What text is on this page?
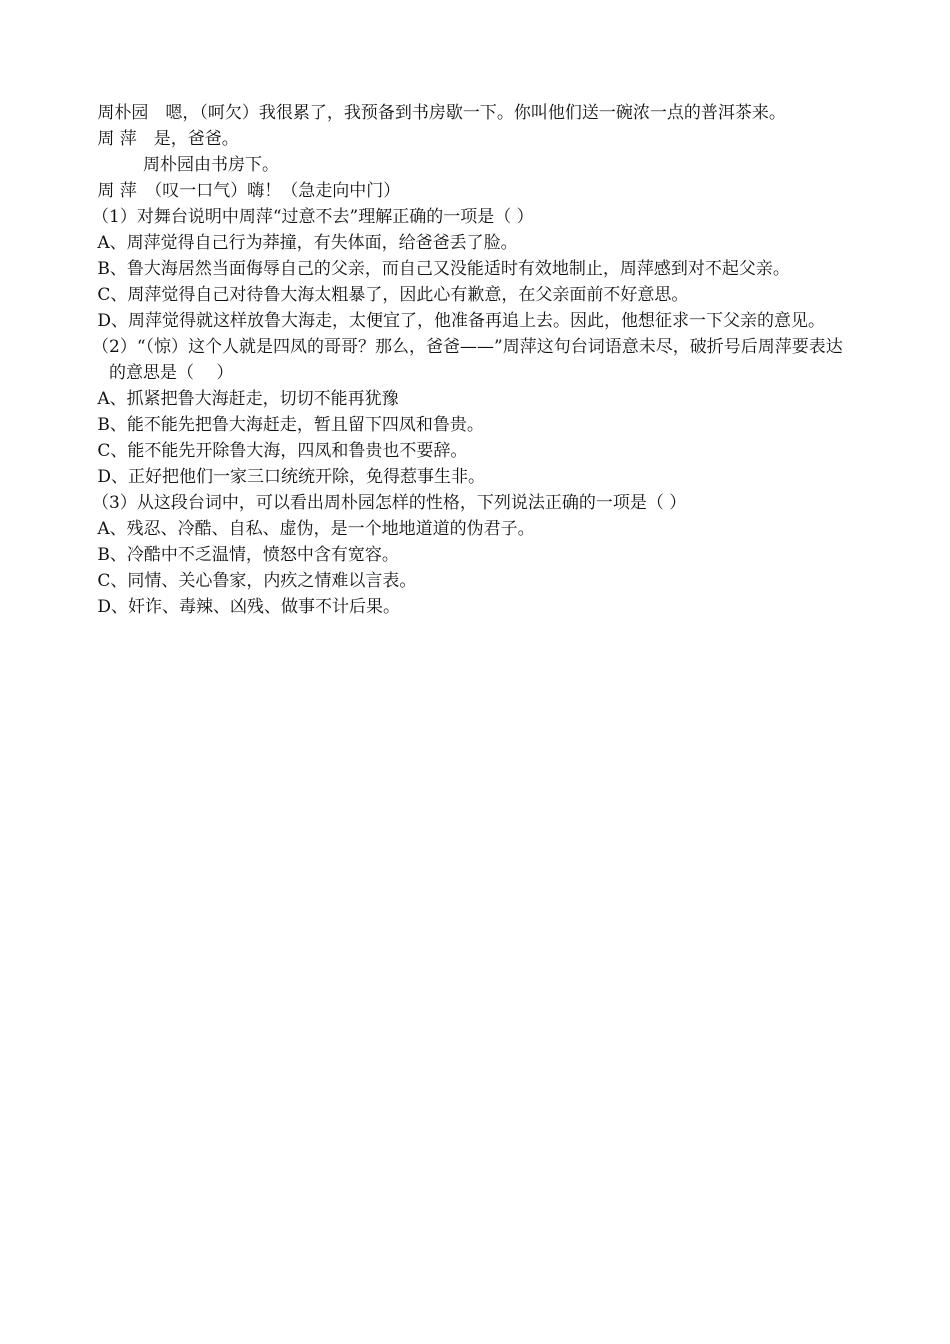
周朴园　嗯，（呵欠）我很累了，我预备到书房歇一下。你叫他们送一碗浓一点的普洱茶来。

周 萍　是，爸爸。

　　　周朴园由书房下。

周 萍　（叹一口气）嗨！（急走向中门）

（1）对舞台说明中周萍“过意不去”理解正确的一项是（ ）

A、周萍觉得自己行为莽撞，有失体面，给爸爸丢了脸。

B、鲁大海居然当面侮辱自己的父亲，而自己又没能适时有效地制止，周萍感到对不起父亲。

C、周萍觉得自己对待鲁大海太粗暴了，因此心有歉意，在父亲面前不好意思。

D、周萍觉得就这样放鲁大海走，太便宜了，他准备再追上去。因此，他想征求一下父亲的意见。

（2）“（惊）这个人就是四凤的哥哥？那么，爸爸——”周萍这句台词语意未尽，破折号后周萍要表达

　的意思是（　 ）

A、抓紧把鲁大海赶走，切切不能再犹豫

B、能不能先把鲁大海赶走，暂且留下四凤和鲁贵。

C、能不能先开除鲁大海，四凤和鲁贵也不要辞。

D、正好把他们一家三口统统开除，免得惹事生非。

（3）从这段台词中，可以看出周朴园怎样的性格，下列说法正确的一项是（ ）

A、残忍、冷酷、自私、虚伪，是一个地地道道的伪君子。

B、冷酷中不乏温情，愤怒中含有宽容。

C、同情、关心鲁家，内疚之情难以言表。

D、奸诈、毒辣、凶残、做事不计后果。
